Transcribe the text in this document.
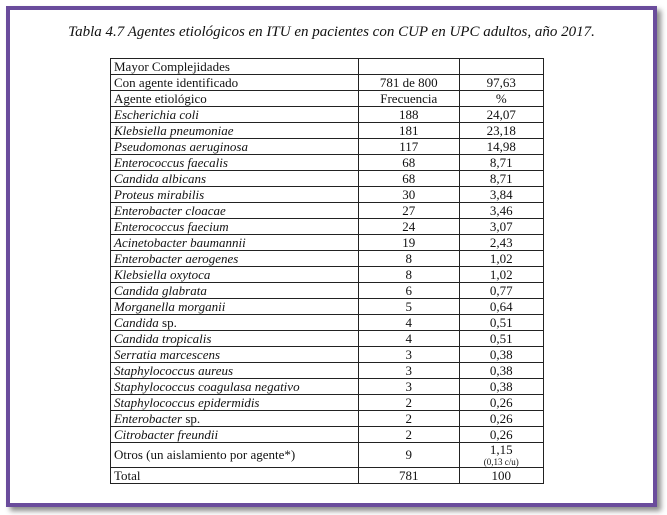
Tabla 4.7 Agentes etiológicos en ITU en pacientes con CUP en UPC adultos, año 2017.
Mayor Complejidades		
Con agente identificado	781 de 800	97,63
Agente etiológico	Frecuencia	%
Escherichia coli	188	24,07
Klebsiella pneumoniae	181	23,18
Pseudomonas aeruginosa	117	14,98
Enterococcus faecalis	68	8,71
Candida albicans	68	8,71
Proteus mirabilis	30	3,84
Enterobacter cloacae	27	3,46
Enterococcus faecium	24	3,07
Acinetobacter baumannii	19	2,43
Enterobacter aerogenes	8	1,02
Klebsiella oxytoca	8	1,02
Candida glabrata	6	0,77
Morganella morganii	5	0,64
Candida sp.	4	0,51
Candida tropicalis	4	0,51
Serratia marcescens	3	0,38
Staphylococcus aureus	3	0,38
Staphylococcus coagulasa negativo	3	0,38
Staphylococcus epidermidis	2	0,26
Enterobacter sp.	2	0,26
Citrobacter freundii	2	0,26
Otros (un aislamiento por agente*)	9	1,15
(0,13 c/u)

Total	781	100
